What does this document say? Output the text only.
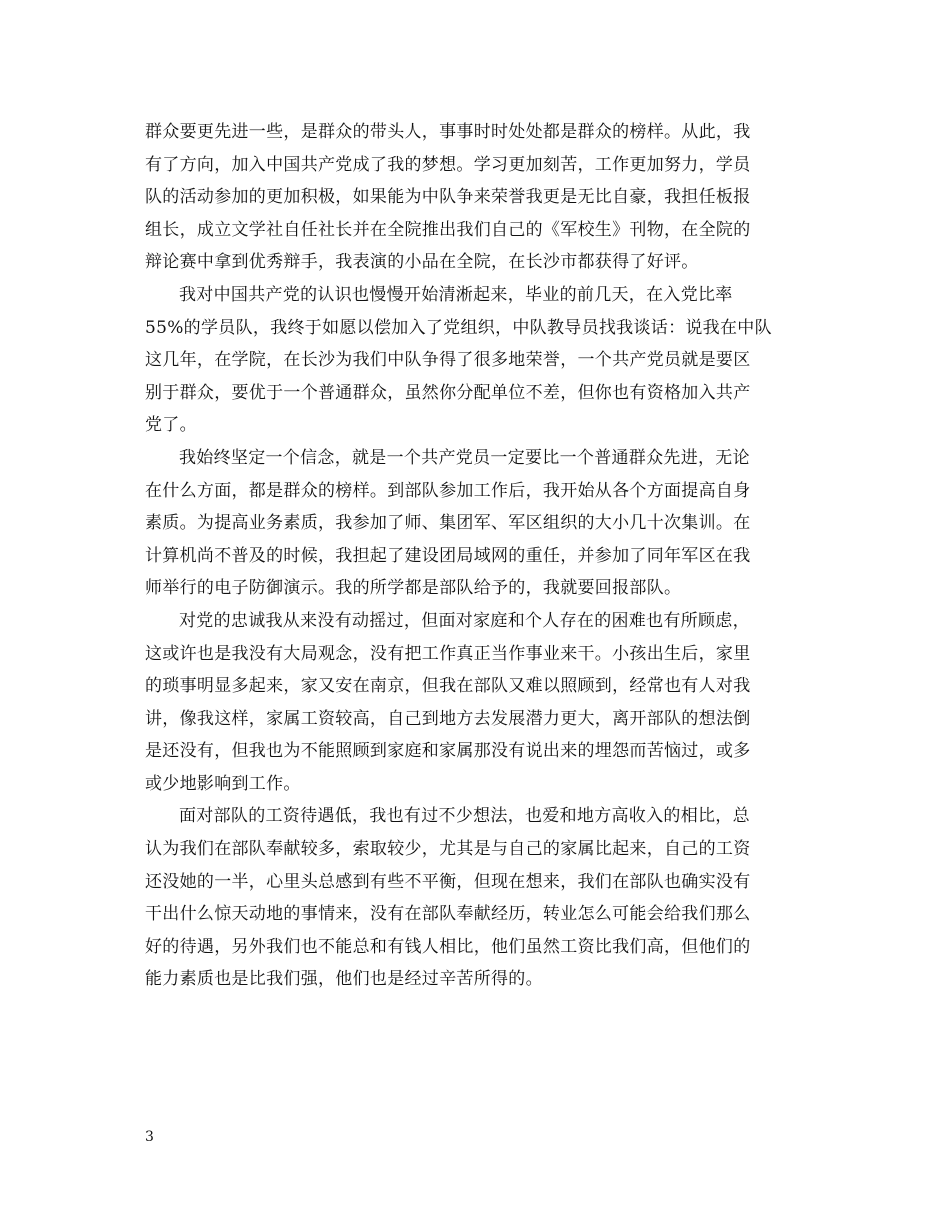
群众要更先进一些，是群众的带头人，事事时时处处都是群众的榜样。从此，我
有了方向，加入中国共产党成了我的梦想。学习更加刻苦，工作更加努力，学员
队的活动参加的更加积极，如果能为中队争来荣誉我更是无比自豪，我担任板报
组长，成立文学社自任社长并在全院推出我们自己的《军校生》刊物，在全院的
辩论赛中拿到优秀辩手，我表演的小品在全院，在长沙市都获得了好评。
我对中国共产党的认识也慢慢开始清淅起来，毕业的前几天，在入党比率
55%的学员队，我终于如愿以偿加入了党组织，中队教导员找我谈话：说我在中队
这几年，在学院，在长沙为我们中队争得了很多地荣誉，一个共产党员就是要区
别于群众，要优于一个普通群众，虽然你分配单位不差，但你也有资格加入共产
党了。
我始终坚定一个信念，就是一个共产党员一定要比一个普通群众先进，无论
在什么方面，都是群众的榜样。到部队参加工作后，我开始从各个方面提高自身
素质。为提高业务素质，我参加了师、集团军、军区组织的大小几十次集训。在
计算机尚不普及的时候，我担起了建设团局域网的重任，并参加了同年军区在我
师举行的电子防御演示。我的所学都是部队给予的，我就要回报部队。
对党的忠诚我从来没有动摇过，但面对家庭和个人存在的困难也有所顾虑，
这或许也是我没有大局观念，没有把工作真正当作事业来干。小孩出生后，家里
的琐事明显多起来，家又安在南京，但我在部队又难以照顾到，经常也有人对我
讲，像我这样，家属工资较高，自己到地方去发展潜力更大，离开部队的想法倒
是还没有，但我也为不能照顾到家庭和家属那没有说出来的埋怨而苦恼过，或多
或少地影响到工作。
面对部队的工资待遇低，我也有过不少想法，也爱和地方高收入的相比，总
认为我们在部队奉献较多，索取较少，尤其是与自己的家属比起来，自己的工资
还没她的一半，心里头总感到有些不平衡，但现在想来，我们在部队也确实没有
干出什么惊天动地的事情来，没有在部队奉献经历，转业怎么可能会给我们那么
好的待遇，另外我们也不能总和有钱人相比，他们虽然工资比我们高，但他们的
能力素质也是比我们强，他们也是经过辛苦所得的。
3
